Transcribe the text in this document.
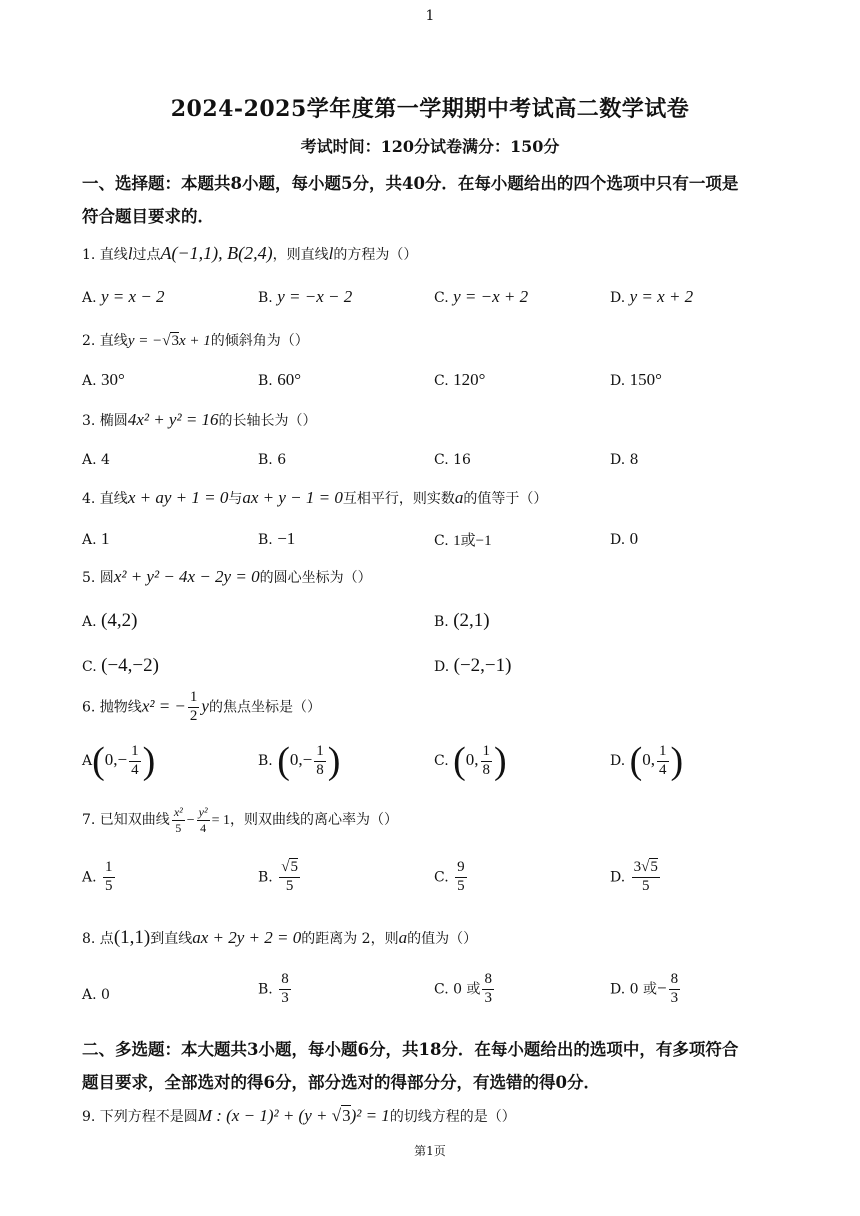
1
2024-2025学年度第一学期期中考试高二数学试卷
考试时间：120分试卷满分：150分
一、选择题：本题共8小题，每小题5分，共40分．在每小题给出的四个选项中只有一项是
符合题目要求的．
1. 直线l过点A(−1,1), B(2,4)，则直线l的方程为（）
A. y = x − 2	B. y = −x − 2	C. y = −x + 2	D. y = x + 2
2. 直线y = −√3x + 1的倾斜角为（）
A. 30°	B. 60°	C. 120°	D. 150°
3. 椭圆4x² + y² = 16的长轴长为（）
A. 4	B. 6	C. 16	D. 8
4. 直线x + ay + 1 = 0与ax + y − 1 = 0互相平行，则实数a的值等于（）
A. 1	B. −1	C. 1或−1	D. 0
5. 圆x² + y² − 4x − 2y = 0的圆心坐标为（）
A. (4,2)	B. (2,1)
C. (−4,−2)	D. (−2,−1)
6. 抛物线x² = − $\frac{1}{2}$ y的焦点坐标是（）
$A(0,- \frac{1}{4}$ )	B. ($0,- \frac{1}{8}$ )	C. (0, $\frac{1}{8}$ )	D. (0, $\frac{1}{4}$ )
7. 已知双曲线 $\frac{\text{x²}}{5} - \frac{\text{y²}}{4} = 1$，则双曲线的离心率为（）
A. $\frac{1}{5}$	B. $\frac{√5}{5}$	C. $\frac{9}{5}$	D. $\frac{3√5}{5}$
8. 点(1,1)到直线ax + 2y + 2 = 0的距离为 2，则a的值为（）
A. 0	B. $\frac{8}{3}$	C. 0 或 $\frac{8}{3}$	D. 0 或− $\frac{8}{3}$
二、多选题：本大题共3小题，每小题6分，共18分．在每小题给出的选项中，有多项符合
题目要求，全部选对的得6分，部分选对的得部分分，有选错的得0分．
9. 下列方程不是圆M : (x − 1)² + (y + √3)² = 1的切线方程的是（）
第1页
